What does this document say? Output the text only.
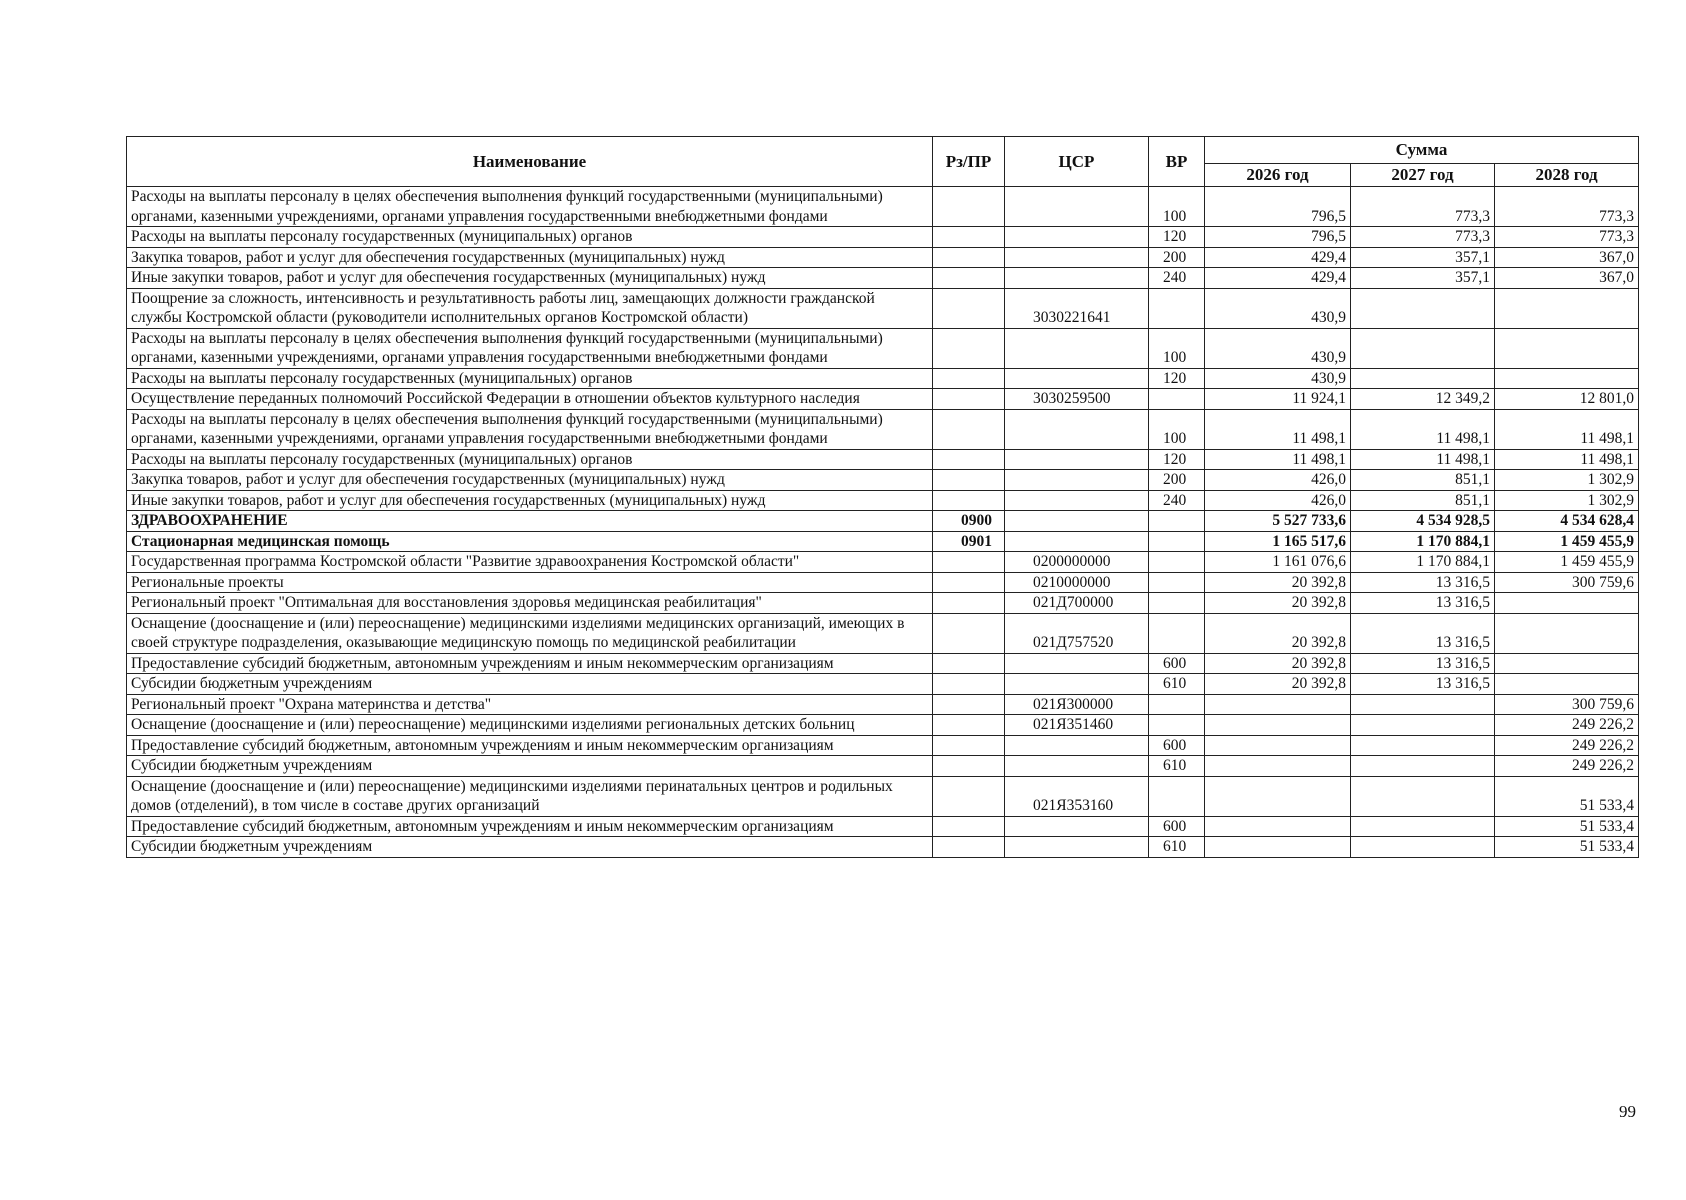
Наименование	Рз/ПР	ЦСР	ВР	Сумма		
				2026 год	2027 год	2028 год
Расходы на выплаты персоналу в целях обеспечения выполнения функций государственными (муниципальными) органами, казенными учреждениями, органами управления государственными внебюджетными фондами			100	796,5	773,3	773,3
Расходы на выплаты персоналу государственных (муниципальных) органов			120	796,5	773,3	773,3
Закупка товаров, работ и услуг для обеспечения государственных (муниципальных) нужд			200	429,4	357,1	367,0
Иные закупки товаров, работ и услуг для обеспечения государственных (муниципальных) нужд			240	429,4	357,1	367,0
Поощрение за сложность, интенсивность и результативность работы лиц, замещающих должности гражданской службы Костромской области (руководители исполнительных органов Костромской области)		3030221641		430,9		
Расходы на выплаты персоналу в целях обеспечения выполнения функций государственными (муниципальными) органами, казенными учреждениями, органами управления государственными внебюджетными фондами			100	430,9		
Расходы на выплаты персоналу государственных (муниципальных) органов			120	430,9		
Осуществление переданных полномочий Российской Федерации в отношении объектов культурного наследия		3030259500		11 924,1	12 349,2	12 801,0
Расходы на выплаты персоналу в целях обеспечения выполнения функций государственными (муниципальными) органами, казенными учреждениями, органами управления государственными внебюджетными фондами			100	11 498,1	11 498,1	11 498,1
Расходы на выплаты персоналу государственных (муниципальных) органов			120	11 498,1	11 498,1	11 498,1
Закупка товаров, работ и услуг для обеспечения государственных (муниципальных) нужд			200	426,0	851,1	1 302,9
Иные закупки товаров, работ и услуг для обеспечения государственных (муниципальных) нужд			240	426,0	851,1	1 302,9
ЗДРАВООХРАНЕНИЕ	0900			5 527 733,6	4 534 928,5	4 534 628,4
Стационарная медицинская помощь	0901			1 165 517,6	1 170 884,1	1 459 455,9
Государственная программа Костромской области "Развитие здравоохранения Костромской области"		0200000000		1 161 076,6	1 170 884,1	1 459 455,9
Региональные проекты		0210000000		20 392,8	13 316,5	300 759,6
Региональный проект "Оптимальная для восстановления здоровья медицинская реабилитация"		021Д700000		20 392,8	13 316,5	
Оснащение (дооснащение и (или) переоснащение) медицинскими изделиями медицинских организаций, имеющих в своей структуре подразделения, оказывающие медицинскую помощь по медицинской реабилитации		021Д757520		20 392,8	13 316,5	
Предоставление субсидий бюджетным, автономным учреждениям и иным некоммерческим организациям			600	20 392,8	13 316,5	
Субсидии бюджетным учреждениям			610	20 392,8	13 316,5	
Региональный проект "Охрана материнства и детства"		021Я300000				300 759,6
Оснащение (дооснащение и (или) переоснащение) медицинскими изделиями региональных детских больниц		021Я351460				249 226,2
Предоставление субсидий бюджетным, автономным учреждениям и иным некоммерческим организациям			600			249 226,2
Субсидии бюджетным учреждениям			610			249 226,2
Оснащение (дооснащение и (или) переоснащение) медицинскими изделиями перинатальных центров и родильных домов (отделений), в том числе в составе других организаций		021Я353160				51 533,4
Предоставление субсидий бюджетным, автономным учреждениям и иным некоммерческим организациям			600			51 533,4
Субсидии бюджетным учреждениям			610			51 533,4
99
